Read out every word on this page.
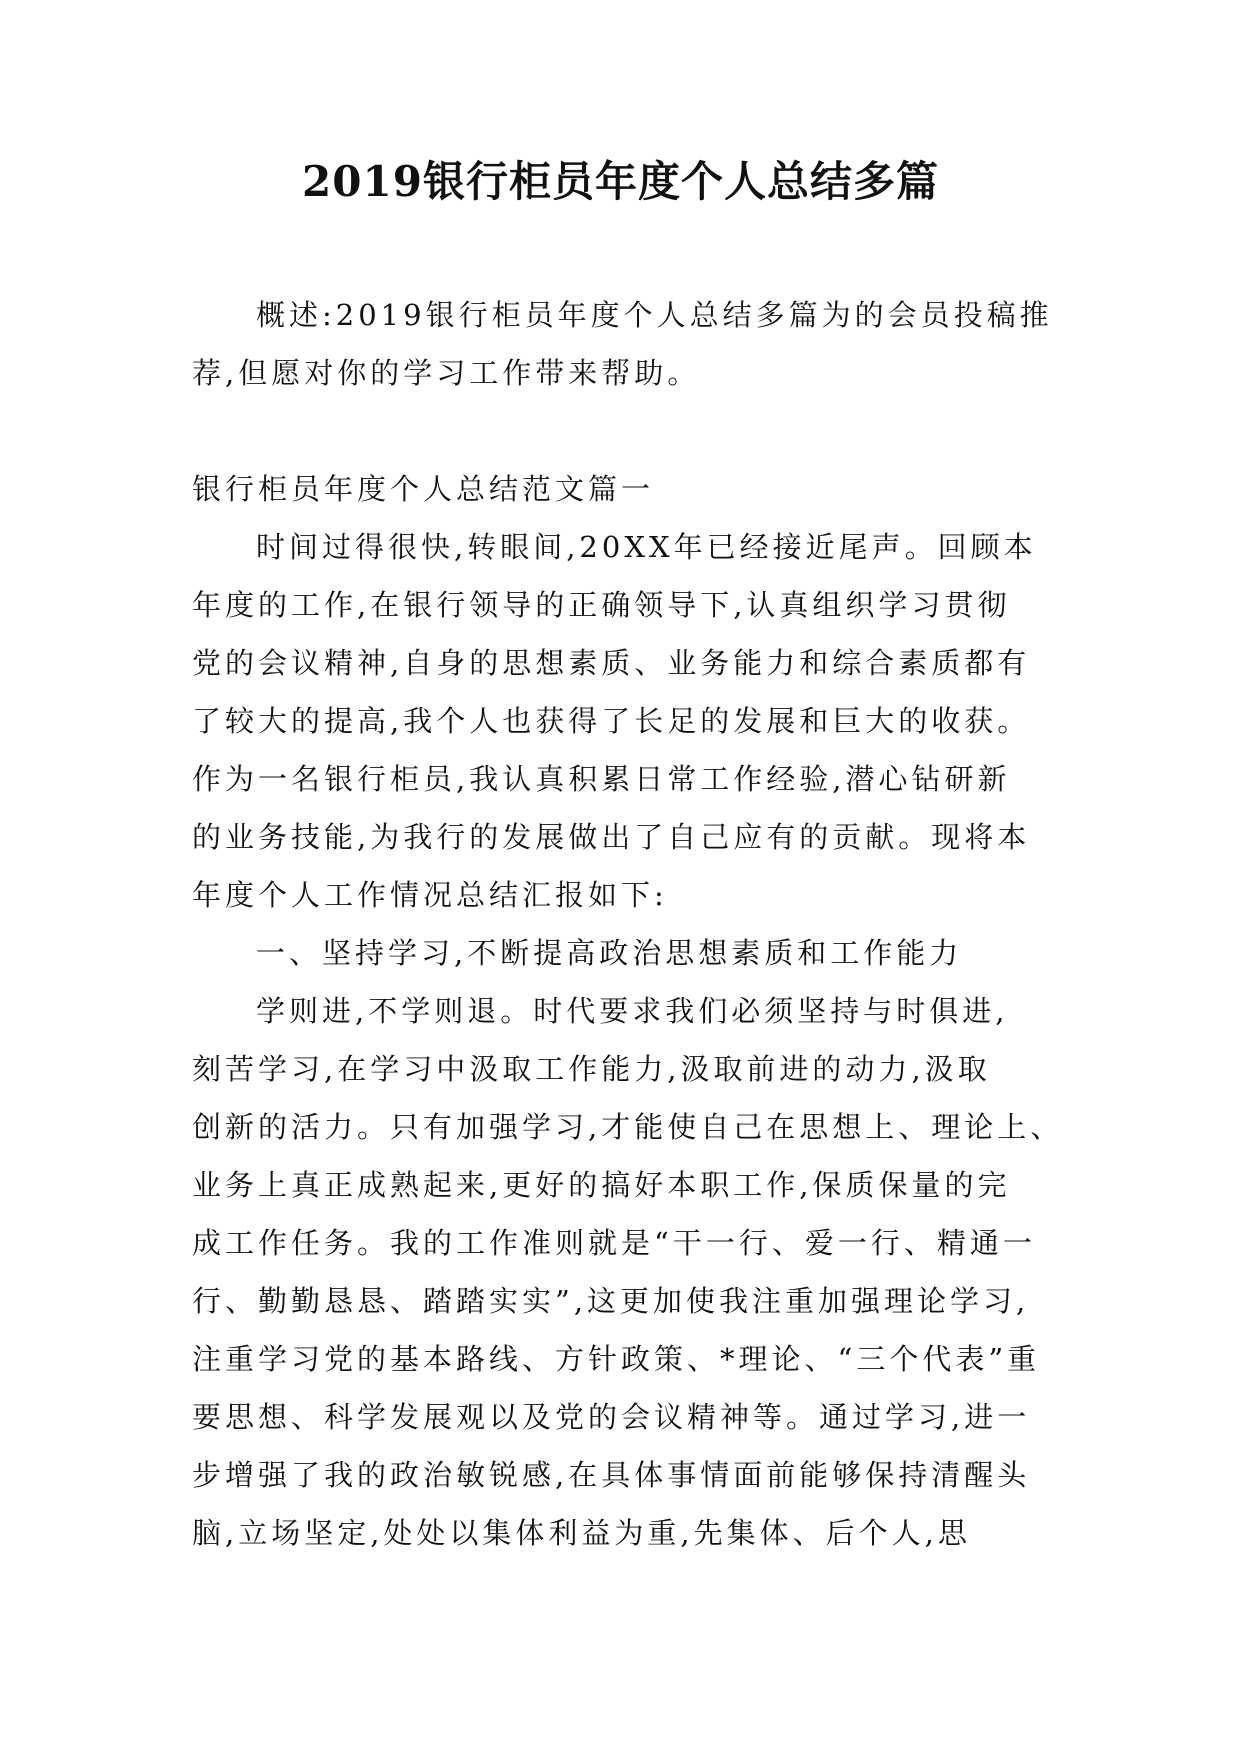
2019银行柜员年度个人总结多篇
概述:2019银行柜员年度个人总结多篇为的会员投稿推
荐,但愿对你的学习工作带来帮助。
银行柜员年度个人总结范文篇一
时间过得很快,转眼间,20XX年已经接近尾声。回顾本
年度的工作,在银行领导的正确领导下,认真组织学习贯彻
党的会议精神,自身的思想素质、业务能力和综合素质都有
了较大的提高,我个人也获得了长足的发展和巨大的收获。
作为一名银行柜员,我认真积累日常工作经验,潜心钻研新
的业务技能,为我行的发展做出了自己应有的贡献。现将本
年度个人工作情况总结汇报如下:
一、坚持学习,不断提高政治思想素质和工作能力
学则进,不学则退。时代要求我们必须坚持与时俱进,
刻苦学习,在学习中汲取工作能力,汲取前进的动力,汲取
创新的活力。只有加强学习,才能使自己在思想上、理论上、
业务上真正成熟起来,更好的搞好本职工作,保质保量的完
成工作任务。我的工作准则就是“干一行、爱一行、精通一
行、勤勤恳恳、踏踏实实”,这更加使我注重加强理论学习,
注重学习党的基本路线、方针政策、*理论、“三个代表”重
要思想、科学发展观以及党的会议精神等。通过学习,进一
步增强了我的政治敏锐感,在具体事情面前能够保持清醒头
脑,立场坚定,处处以集体利益为重,先集体、后个人,思
